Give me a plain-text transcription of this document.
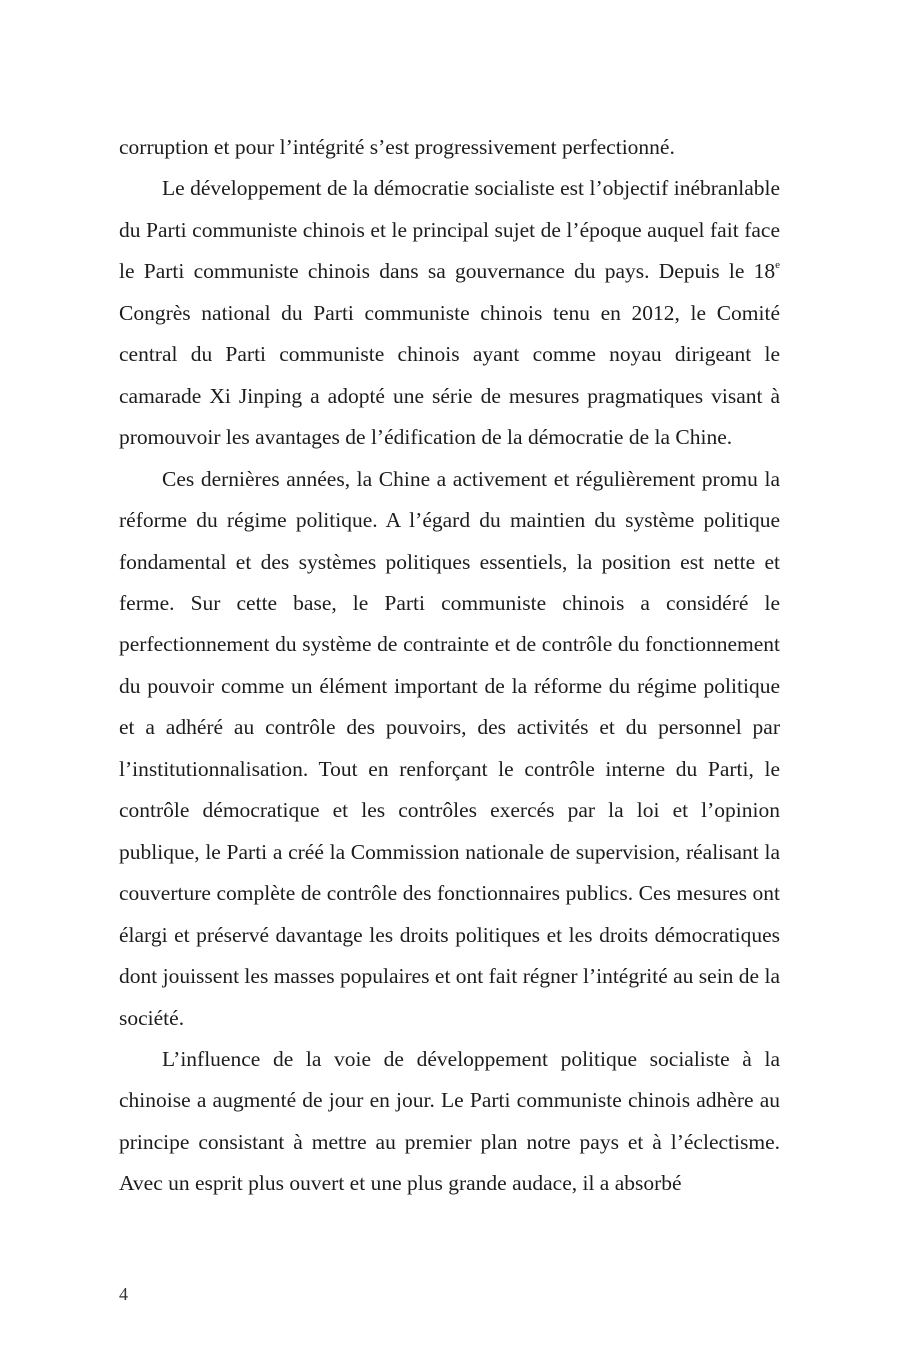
corruption et pour l’intégrité s’est progressivement perfectionné.

Le développement de la démocratie socialiste est l’objectif inébranlable du Parti communiste chinois et le principal sujet de l’époque auquel fait face le Parti communiste chinois dans sa gouvernance du pays. Depuis le 18e Congrès national du Parti communiste chinois tenu en 2012, le Comité central du Parti communiste chinois ayant comme noyau dirigeant le camarade Xi Jinping a adopté une série de mesures pragmatiques visant à promouvoir les avantages de l’édification de la démocratie de la Chine.

Ces dernières années, la Chine a activement et régulièrement promu la réforme du régime politique. A l’égard du maintien du système politique fondamental et des systèmes politiques essentiels, la position est nette et ferme. Sur cette base, le Parti communiste chinois a considéré le perfectionnement du système de contrainte et de contrôle du fonctionnement du pouvoir comme un élément important de la réforme du régime politique et a adhéré au contrôle des pouvoirs, des activités et du personnel par l’institutionnalisation. Tout en renforçant le contrôle interne du Parti, le contrôle démocratique et les contrôles exercés par la loi et l’opinion publique, le Parti a créé la Commission nationale de supervision, réalisant la couverture complète de contrôle des fonctionnaires publics. Ces mesures ont élargi et préservé davantage les droits politiques et les droits démocratiques dont jouissent les masses populaires et ont fait régner l’intégrité au sein de la société.

L’influence de la voie de développement politique socialiste à la chinoise a augmenté de jour en jour. Le Parti communiste chinois adhère au principe consistant à mettre au premier plan notre pays et à l’éclectisme. Avec un esprit plus ouvert et une plus grande audace, il a absorbé

4
